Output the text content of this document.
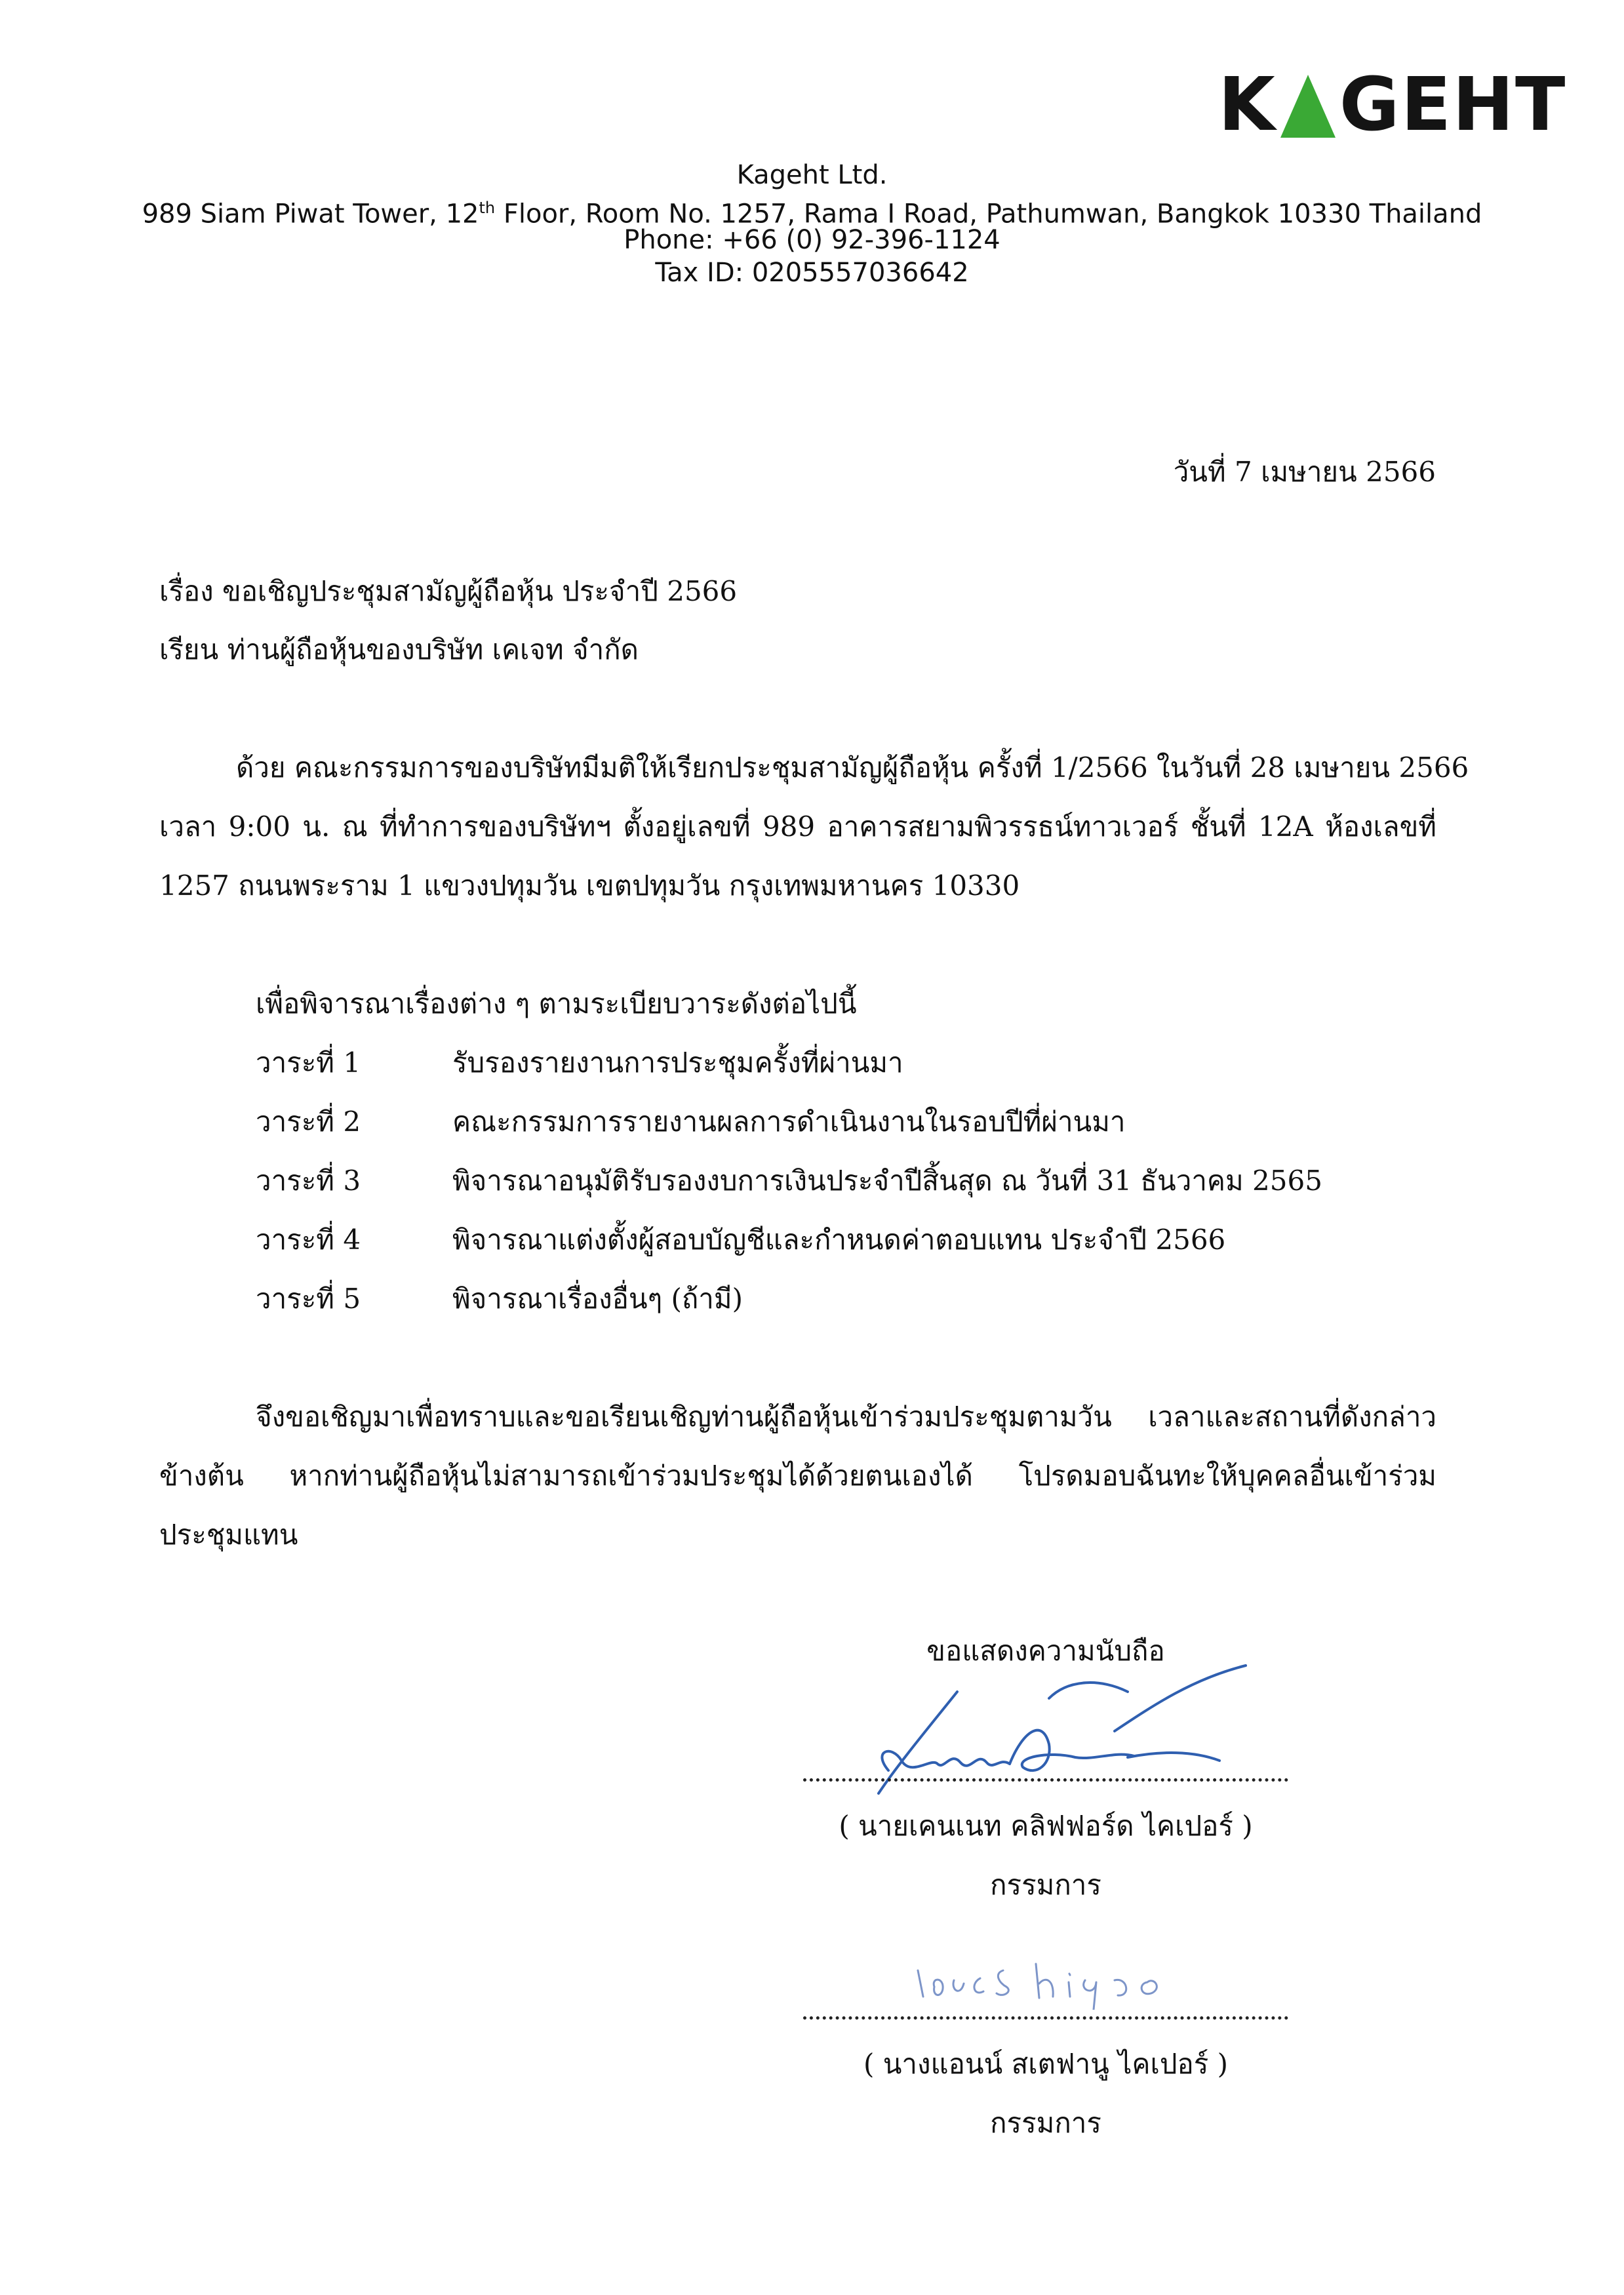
K GEHT
Kageht Ltd.
989 Siam Piwat Tower, 12th Floor, Room No. 1257, Rama I Road, Pathumwan, Bangkok 10330 Thailand
Phone: +66 (0) 92-396-1124
Tax ID: 0205557036642
วันที่ 7 เมษายน 2566
เรื่อง ขอเชิญประชุมสามัญผู้ถือหุ้น ประจำปี 2566
เรียน ท่านผู้ถือหุ้นของบริษัท เคเจท จำกัด
ด้วย คณะกรรมการของบริษัทมีมติให้เรียกประชุมสามัญผู้ถือหุ้น ครั้งที่ 1/2566 ในวันที่ 28 เมษายน 2566
เวลา 9:00 น. ณ ที่ทำการของบริษัทฯ ตั้งอยู่เลขที่ 989 อาคารสยามพิวรรธน์ทาวเวอร์ ชั้นที่ 12A ห้องเลขที่
1257 ถนนพระราม 1 แขวงปทุมวัน เขตปทุมวัน กรุงเทพมหานคร 10330
เพื่อพิจารณาเรื่องต่าง ๆ ตามระเบียบวาระดังต่อไปนี้
วาระที่ 1	รับรองรายงานการประชุมครั้งที่ผ่านมา
วาระที่ 2	คณะกรรมการรายงานผลการดำเนินงานในรอบปีที่ผ่านมา
วาระที่ 3	พิจารณาอนุมัติรับรองงบการเงินประจำปีสิ้นสุด ณ วันที่ 31 ธันวาคม 2565
วาระที่ 4	พิจารณาแต่งตั้งผู้สอบบัญชีและกำหนดค่าตอบแทน ประจำปี 2566
วาระที่ 5	พิจารณาเรื่องอื่นๆ (ถ้ามี)
จึงขอเชิญมาเพื่อทราบและขอเรียนเชิญท่านผู้ถือหุ้นเข้าร่วมประชุมตามวัน เวลาและสถานที่ดังกล่าว
ข้างต้น หากท่านผู้ถือหุ้นไม่สามารถเข้าร่วมประชุมได้ด้วยตนเองได้ โปรดมอบฉันทะให้บุคคลอื่นเข้าร่วม
ประชุมแทน
ขอแสดงความนับถือ
( นายเคนเนท คลิฟฟอร์ด ไคเปอร์ )
กรรมการ
( นางแอนน์ สเตฟานู ไคเปอร์ )
กรรมการ
